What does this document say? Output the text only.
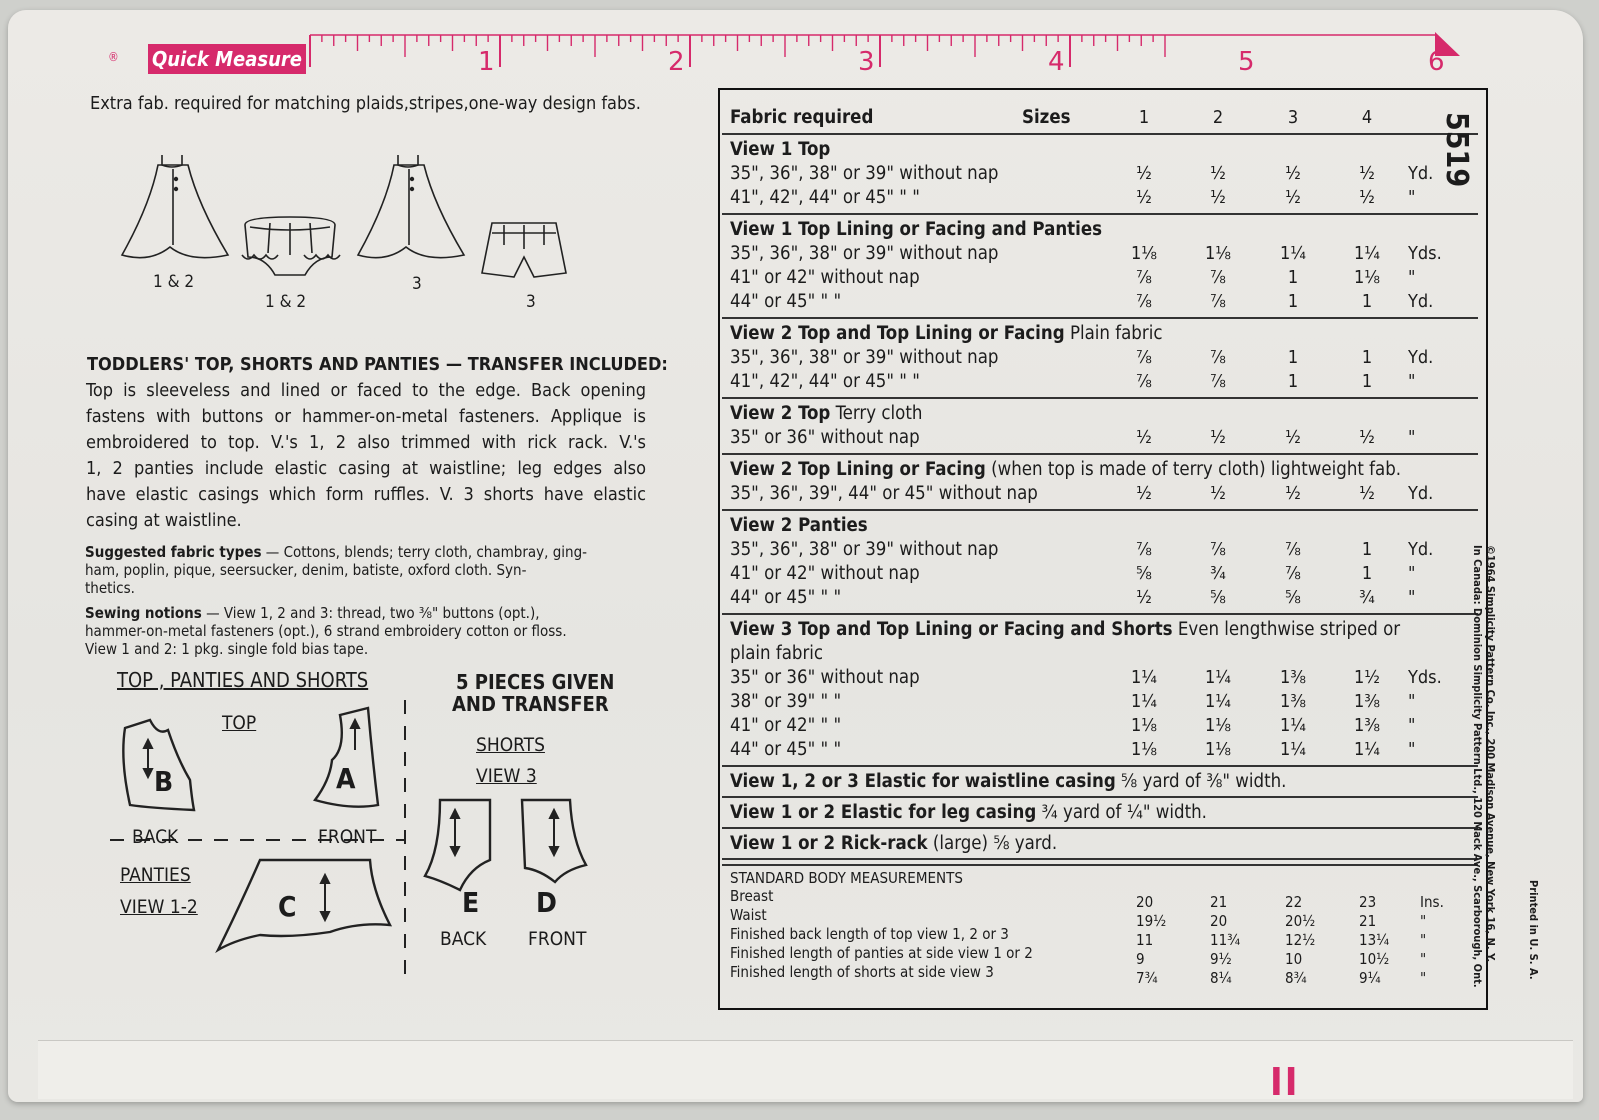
® Quick Measure	1	2	3	4	5	6
Extra fab. required for matching plaids,stripes,one-way design fabs.
1 & 2
1 & 2
3
3
TODDLERS' TOP, SHORTS AND PANTIES — TRANSFER INCLUDED:
Top is sleeveless and lined or faced to the edge. Back opening
fastens with buttons or hammer-on-metal fasteners. Applique is
embroidered to top. V.'s 1, 2 also trimmed with rick rack. V.'s
1, 2 panties include elastic casing at waistline; leg edges also
have elastic casings which form ruffles. V. 3 shorts have elastic
casing at waistline.
Suggested fabric types — Cottons, blends; terry cloth, chambray, ging-
ham, poplin, pique, seersucker, denim, batiste, oxford cloth. Syn-
thetics.
Sewing notions — View 1, 2 and 3: thread, two ⅜" buttons (opt.),
hammer-on-metal fasteners (opt.), 6 strand embroidery cotton or floss.
View 1 and 2: 1 pkg. single fold bias tape.
TOP , PANTIES AND SHORTS	5 PIECES GIVEN
AND TRANSFER
TOP
SHORTS
VIEW 3
PANTIES
VIEW 1-2
B	A
C	E D
BACK	FRONT
BACK FRONT
Fabric required	Sizes	1	2	3	4
View 1 Top
35", 36", 38" or 39" without nap	½	½	½	½	Yd.
41", 42", 44" or 45" " "	½	½	½	½	"
View 1 Top Lining or Facing and Panties
35", 36", 38" or 39" without nap	1⅛	1⅛	1¼	1¼	Yds.
41" or 42" without nap	⅞	⅞	1	1⅛	"
44" or 45" " "	⅞	⅞	1	1	Yd.
View 2 Top and Top Lining or Facing Plain fabric
35", 36", 38" or 39" without nap	⅞	⅞	1	1	Yd.
41", 42", 44" or 45" " "	⅞	⅞	1	1	"
View 2 Top Terry cloth
35" or 36" without nap	½	½	½	½	"
View 2 Top Lining or Facing (when top is made of terry cloth) lightweight fab.
35", 36", 39", 44" or 45" without nap	½	½	½	½	Yd.
View 2 Panties
35", 36", 38" or 39" without nap	⅞	⅞	⅞	1	Yd.
41" or 42" without nap	⅝	¾	⅞	1	"
44" or 45" " "	½	⅝	⅝	¾	"
View 3 Top and Top Lining or Facing and Shorts Even lengthwise striped or
plain fabric
35" or 36" without nap	1¼	1¼	1⅜	1½	Yds.
38" or 39" " "	1¼	1¼	1⅜	1⅜	"
41" or 42" " "	1⅛	1⅛	1¼	1⅜	"
44" or 45" " "	1⅛	1⅛	1¼	1¼	"
View 1, 2 or 3 Elastic for waistline casing ⅝ yard of ⅜" width.
View 1 or 2 Elastic for leg casing ¾ yard of ¼" width.
View 1 or 2 Rick-rack (large) ⅝ yard.
STANDARD BODY MEASUREMENTS
Breast	20	21	22	23	Ins.
Waist	19½	20	20½	21	"
Finished back length of top view 1, 2 or 3	11	11¾	12½	13¼ "
Finished length of panties at side view 1 or 2	9	9½	10	10½ "
Finished length of shorts at side view 3	7¾	8¼	8¾	9¼	"
5519
©1964 Simplicity Pattern Co. Inc., 200 Madison Avenue, New York 16, N. Y.
In Canada: Dominion Simplicity Pattern Ltd., 120 Mack Ave., Scarborough, Ont.	Printed in U. S. A.
II
